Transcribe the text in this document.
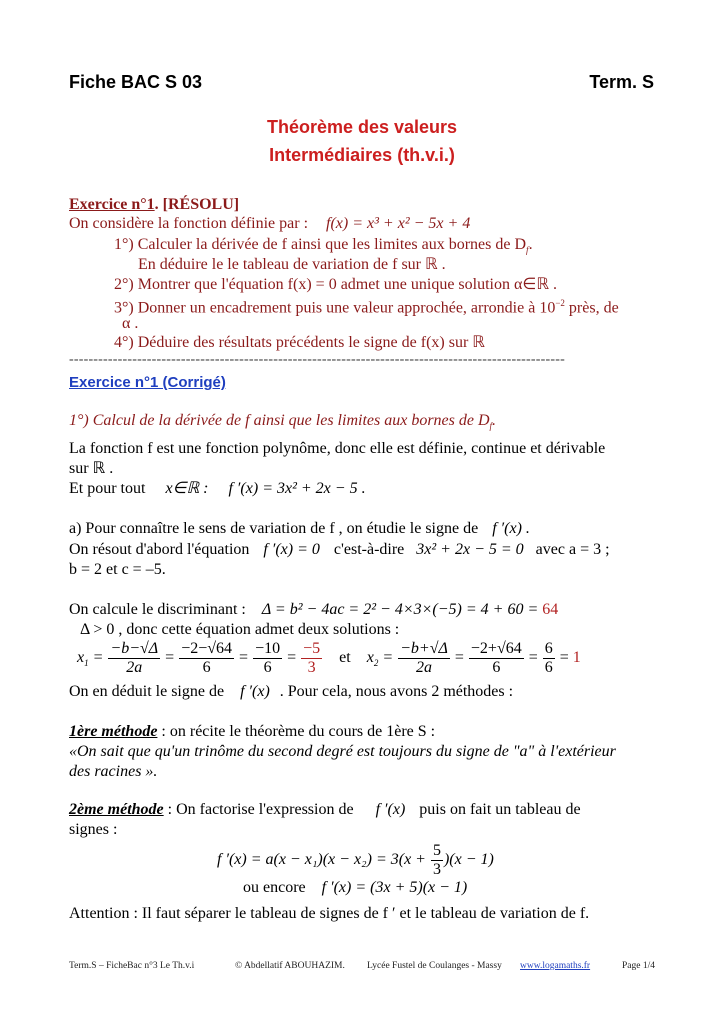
Fiche BAC S 03	Term. S
Théorème des valeurs
Intermédiaires (th.v.i.)
Exercice n°1. [RÉSOLU]
On considère la fonction définie par : f(x) = x³ + x² − 5x + 4
1°) Calculer la dérivée de f ainsi que les limites aux bornes de $D_f$.
En déduire le le tableau de variation de f sur ℝ .
2°) Montrer que l'équation f(x) = 0 admet une unique solution α∈ℝ .
3°) Donner un encadrement puis une valeur approchée, arrondie à $10^{-2}$ près, de
α .
4°) Déduire des résultats précédents le signe de f(x) sur ℝ
------------------------------------------------------------------------------------------------------
Exercice n°1 (Corrigé)
1°) Calcul de la dérivée de f ainsi que les limites aux bornes de $D_f$.
La fonction f est une fonction polynôme, donc elle est définie, continue et dérivable
sur ℝ .
Et pour tout x∈ℝ : f ′(x) = 3x² + 2x − 5 .
a) Pour connaître le sens de variation de f , on étudie le signe de f ′(x) .
On résout d'abord l'équation f ′(x) = 0 c'est-à-dire 3x² + 2x − 5 = 0 avec a = 3 ;
b = 2 et c = –5.
On calcule le discriminant : Δ = b² − 4ac = 2² − 4×3×(−5) = 4 + 60 = 64
Δ > 0 , donc cette équation admet deux solutions :
$x_1 = \frac{-b-√\Delta}{2a} = \frac{-2-√64}{6} = \frac{-10}{6} = \frac{-5}{3}$ et $x_2 = \frac{-b+√\Delta}{2a} = \frac{-2+√64}{6} = \frac{6}{6} = 1$
On en déduit le signe de f ′(x) . Pour cela, nous avons 2 méthodes :
1ère méthode : on récite le théorème du cours de 1ère S :
«On sait que qu'un trinôme du second degré est toujours du signe de "a" à l'extérieur
des racines ».
2ème méthode : On factorise l'expression de f ′(x) puis on fait un tableau de
signes :
f $'(x) = a(x - x_1)(x - x_2) = 3(x + \frac{5}{3} )(x - 1)$
ou encore f ′(x) = (3x + 5)(x − 1)
Attention : Il faut séparer le tableau de signes de f ′ et le tableau de variation de f.
Term.S – FicheBac n°3 Le Th.v.i	© Abdellatif ABOUHAZIM. Lycée Fustel de Coulanges - Massy www.logamaths.fr	Page 1/4
